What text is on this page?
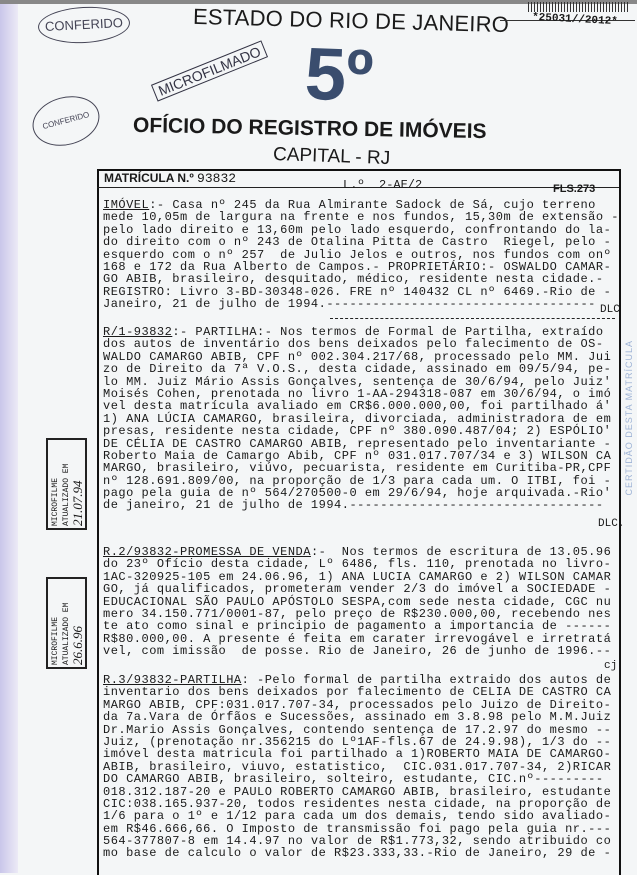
CONFERIDO
CONFERIDO
MICROFILMADO
ESTADO DO RIO DE JANEIRO *25031//2012*
5º
OFÍCIO DO REGISTRO DE IMÓVEIS
CAPITAL - RJ
MICROFILME ATUALIZADO EM
21.07.94
MICROFILME ATUALIZADO EM
26.6.96
MATRÍCULA N.º 93832	L.º  2-AE/2	FLS.273
IMÓVEL:- Casa nº 245 da Rua Almirante Sadock de Sá, cujo terreno
mede 10,05m de largura na frente e nos fundos, 15,30m de extensão -
pelo lado direito e 13,60m pelo lado esquerdo, confrontando do la-
do direito com o nº 243 de Otalina Pitta de Castro  Riegel, pelo -
esquerdo com o nº 257  de Julio Jelos e outros, nos fundos com onº
168 e 172 da Rua Alberto de Campos.- PROPRIETÁRIO:- OSWALDO CAMAR-
GO ABIB, brasileiro, desquitado, médico, residente nesta cidade.-
REGISTRO: Livro 3-BD-30348-026. FRE nº 140432 CL nº 6469.-Rio de -
Janeiro, 21 de julho de 1994.-----------------------------------
R/1-93832:- PARTILHA:- Nos termos de Formal de Partilha, extraído
dos autos de inventário dos bens deixados pelo falecimento de OS-
WALDO CAMARGO ABIB, CPF nº 002.304.217/68, processado pelo MM. Jui
zo de Direito da 7ª V.O.S., desta cidade, assinado em 09/5/94, pe-
lo MM. Juiz Mário Assis Gonçalves, sentença de 30/6/94, pelo Juiz'
Moisés Cohen, prenotada no livro 1-AA-294318-087 em 30/6/94, o imó
vel desta matrícula avaliado em CR$6.000.000,00, foi partilhado á'
1) ANA LÚCIA CAMARGO, brasileira, divorciada, administradora de em
presas, residente nesta cidade, CPF nº 380.090.487/04; 2) ESPÓLIO'
DE CÉLIA DE CASTRO CAMARGO ABIB, representado pelo inventariante -
Roberto Maia de Camargo Abib, CPF nº 031.017.707/34 e 3) WILSON CA
MARGO, brasileiro, viúvo, pecuarista, residente em Curitiba-PR,CPF
nº 128.691.809/00, na proporção de 1/3 para cada um. O ITBI, foi -
pago pela guia de nº 564/270500-0 em 29/6/94, hoje arquivada.-Rio'
de janeiro, 21 de julho de 1994.---------------------------------
R.2/93832-PROMESSA DE VENDA:-  Nos termos de escritura de 13.05.96
do 23º Ofício desta cidade, Lº 6486, fls. 110, prenotada no livro-
1AC-320925-105 em 24.06.96, 1) ANA LUCIA CAMARGO e 2) WILSON CAMAR
GO, já qualificados, prometeram vender 2/3 do imóvel a SOCIEDADE -
EDUCACIONAL SÃO PAULO APÓSTOLO SESPA,com sede nesta cidade, CGC nu
mero 34.150.771/0001-87, pelo preço de R$230.000,00, recebendo nes
te ato como sinal e principio de pagamento a importancia de ------
R$80.000,00. A presente é feita em carater irrevogável e irretratá
vel, com imissão  de posse. Rio de Janeiro, 26 de junho de 1996.--
R.3/93832-PARTILHA: -Pelo formal de partilha extraido dos autos de
inventario dos bens deixados por falecimento de CELIA DE CASTRO CA
MARGO ABIB, CPF:031.017.707-34, processados pelo Juizo de Direito-
da 7a.Vara de Órfãos e Sucessões, assinado em 3.8.98 pelo M.M.Juiz
Dr.Mario Assis Gonçalves, contendo sentença de 17.2.97 do mesmo --
Juiz, (prenotação nr.356215 do Lº1AF-fls.67 de 24.9.98), 1/3 do --
imóvel desta matricula foi partilhado a 1)ROBERTO MAIA DE CAMARGO-
ABIB, brasileiro, viuvo, estatistico,  CIC.031.017.707-34, 2)RICAR
DO CAMARGO ABIB, brasileiro, solteiro, estudante, CIC.nº---------
018.312.187-20 e PAULO ROBERTO CAMARGO ABIB, brasileiro, estudante
CIC:038.165.937-20, todos residentes nesta cidade, na proporção de
1/6 para o 1º e 1/12 para cada um dos demais, tendo sido avaliado-
em R$46.666,66. O Imposto de transmissão foi pago pela guia nr.---
564-377807-8 em 14.4.97 no valor de R$1.773,32, sendo atribuido co
mo base de calculo o valor de R$23.333,33.-Rio de Janeiro, 29 de -
DLC
DLC.
cj
CERTIDÃO DESTA MATRÍCULA
